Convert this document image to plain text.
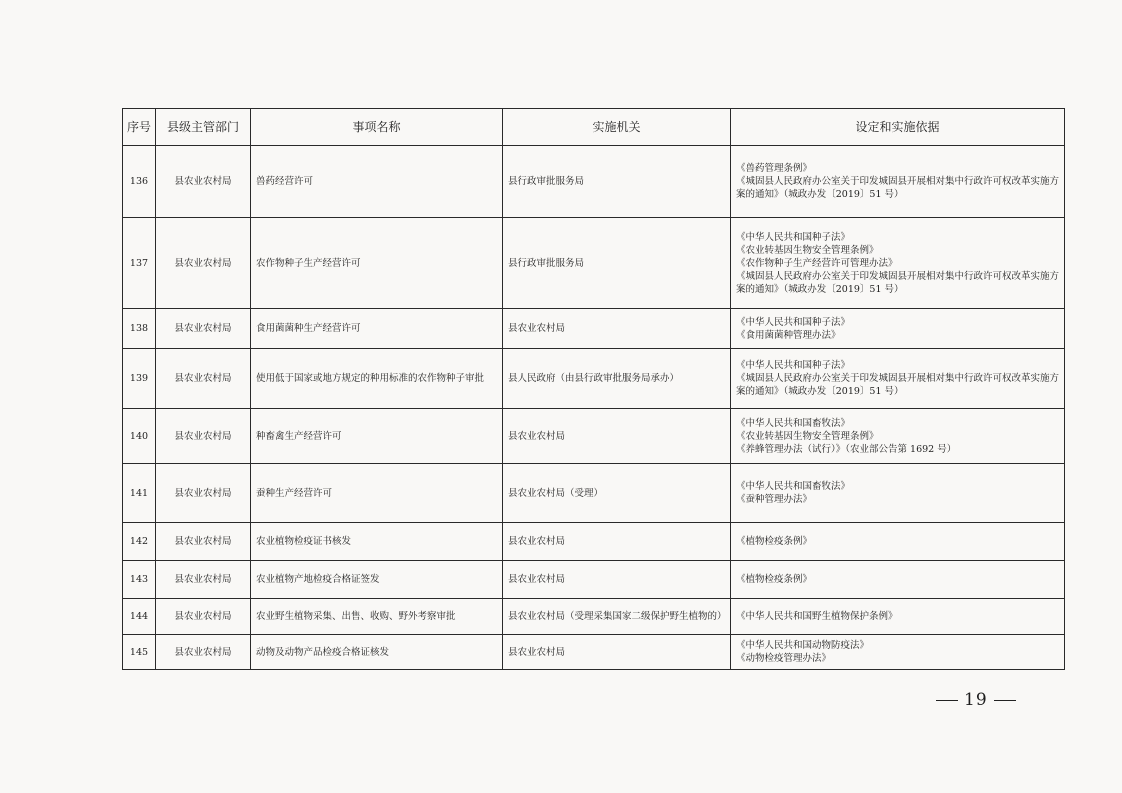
序号	县级主管部门	事项名称	实施机关	设定和实施依据
136	县农业农村局	兽药经营许可	县行政审批服务局	《兽药管理条例》
《城固县人民政府办公室关于印发城固县开展相对集中行政许可权改革实施方案的通知》（城政办发〔2019〕51 号）

137	县农业农村局	农作物种子生产经营许可	县行政审批服务局	《中华人民共和国种子法》
《农业转基因生物安全管理条例》
《农作物种子生产经营许可管理办法》
《城固县人民政府办公室关于印发城固县开展相对集中行政许可权改革实施方案的通知》（城政办发〔2019〕51 号）

138	县农业农村局	食用菌菌种生产经营许可	县农业农村局	《中华人民共和国种子法》
《食用菌菌种管理办法》

139	县农业农村局	使用低于国家或地方规定的种用标准的农作物种子审批	县人民政府（由县行政审批服务局承办）	《中华人民共和国种子法》
《城固县人民政府办公室关于印发城固县开展相对集中行政许可权改革实施方案的通知》（城政办发〔2019〕51 号）

140	县农业农村局	种畜禽生产经营许可	县农业农村局	《中华人民共和国畜牧法》
《农业转基因生物安全管理条例》
《养蜂管理办法（试行）》（农业部公告第 1692 号）

141	县农业农村局	蚕种生产经营许可	县农业农村局（受理）	《中华人民共和国畜牧法》
《蚕种管理办法》

142	县农业农村局	农业植物检疫证书核发	县农业农村局	《植物检疫条例》

143	县农业农村局	农业植物产地检疫合格证签发	县农业农村局	《植物检疫条例》

144	县农业农村局	农业野生植物采集、出售、收购、野外考察审批	县农业农村局（受理采集国家二级保护野生植物的）	《中华人民共和国野生植物保护条例》

145	县农业农村局	动物及动物产品检疫合格证核发	县农业农村局	《中华人民共和国动物防疫法》
《动物检疫管理办法》
19
